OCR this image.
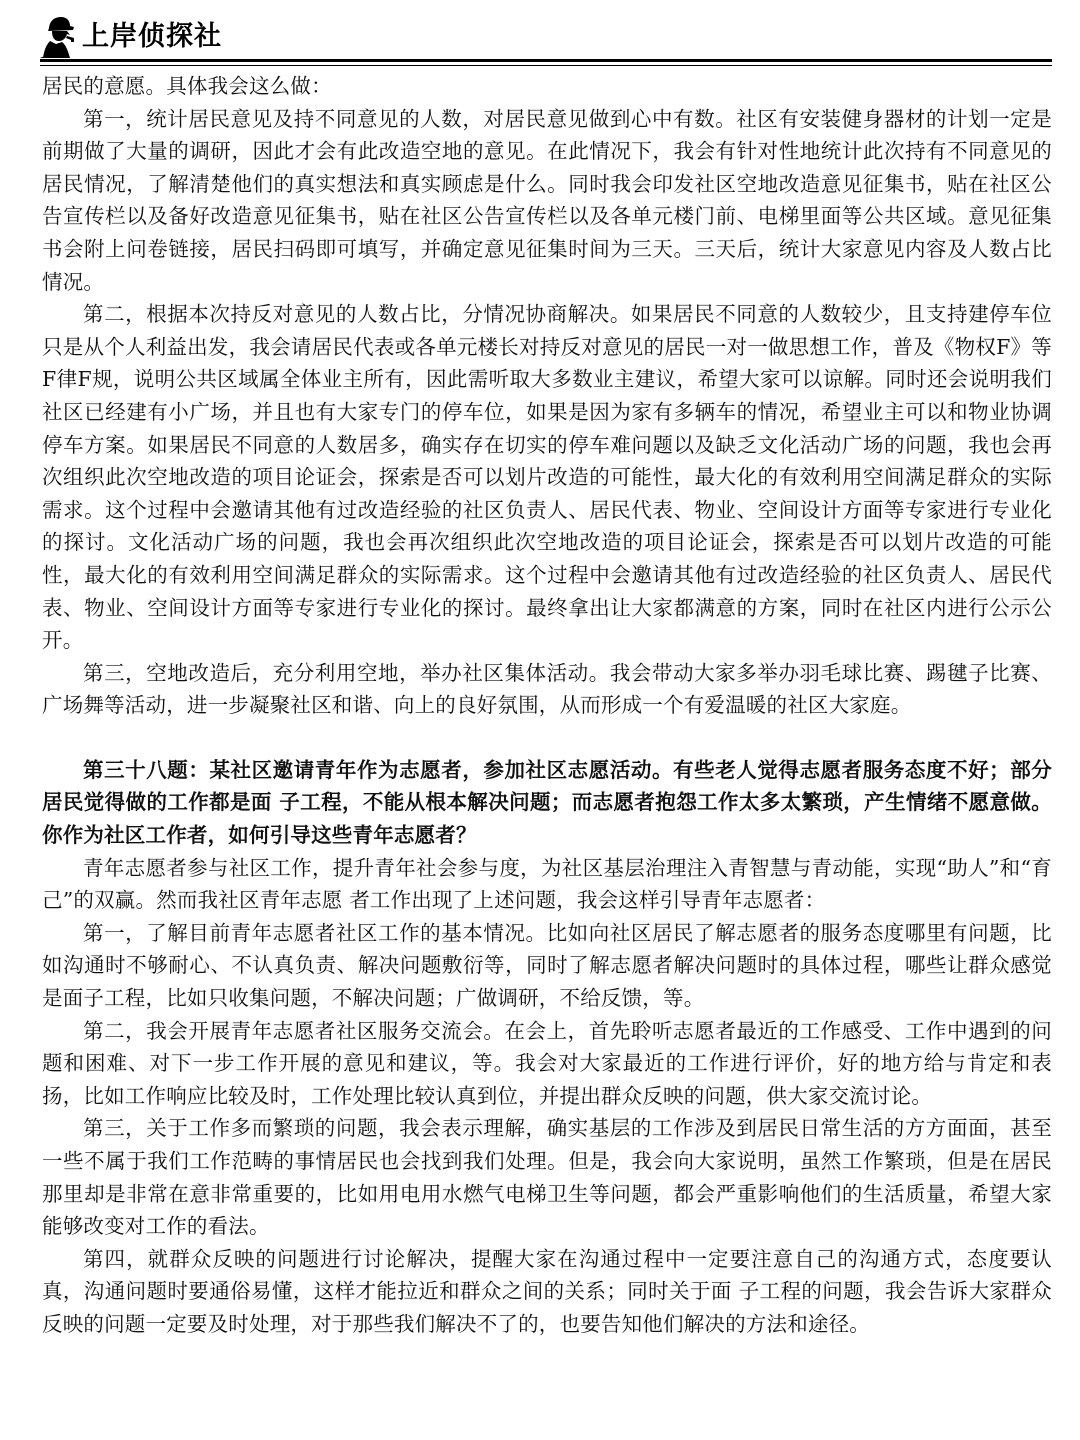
上岸侦探社

居民的意愿。具体我会这么做：

第一，统计居民意见及持不同意见的人数，对居民意见做到心中有数。社区有安装健身器材的计划一定是前期做了大量的调研，因此才会有此改造空地的意见。在此情况下，我会有针对性地统计此次持有不同意见的居民情况，了解清楚他们的真实想法和真实顾虑是什么。同时我会印发社区空地改造意见征集书，贴在社区公告宣传栏以及备好改造意见征集书，贴在社区公告宣传栏以及各单元楼门前、电梯里面等公共区域。意见征集书会附上问卷链接，居民扫码即可填写，并确定意见征集时间为三天。三天后，统计大家意见内容及人数占比情况。

第二，根据本次持反对意见的人数占比，分情况协商解决。如果居民不同意的人数较少，且支持建停车位只是从个人利益出发，我会请居民代表或各单元楼长对持反对意见的居民一对一做思想工作，普及《物权F》等F律F规，说明公共区域属全体业主所有，因此需听取大多数业主建议，希望大家可以谅解。同时还会说明我们社区已经建有小广场，并且也有大家专门的停车位，如果是因为家有多辆车的情况，希望业主可以和物业协调停车方案。如果居民不同意的人数居多，确实存在切实的停车难问题以及缺乏文化活动广场的问题，我也会再次组织此次空地改造的项目论证会，探索是否可以划片改造的可能性，最大化的有效利用空间满足群众的实际需求。这个过程中会邀请其他有过改造经验的社区负责人、居民代表、物业、空间设计方面等专家进行专业化的探讨。文化活动广场的问题，我也会再次组织此次空地改造的项目论证会，探索是否可以划片改造的可能性，最大化的有效利用空间满足群众的实际需求。这个过程中会邀请其他有过改造经验的社区负责人、居民代表、物业、空间设计方面等专家进行专业化的探讨。最终拿出让大家都满意的方案，同时在社区内进行公示公开。

第三，空地改造后，充分利用空地，举办社区集体活动。我会带动大家多举办羽毛球比赛、踢毽子比赛、广场舞等活动，进一步凝聚社区和谐、向上的良好氛围，从而形成一个有爱温暖的社区大家庭。

第三十八题：某社区邀请青年作为志愿者，参加社区志愿活动。有些老人觉得志愿者服务态度不好；部分居民觉得做的工作都是面 子工程，不能从根本解决问题；而志愿者抱怨工作太多太繁琐，产生情绪不愿意做。你作为社区工作者，如何引导这些青年志愿者？

青年志愿者参与社区工作，提升青年社会参与度，为社区基层治理注入青智慧与青动能，实现“助人”和“育己”的双赢。然而我社区青年志愿 者工作出现了上述问题，我会这样引导青年志愿者：

第一，了解目前青年志愿者社区工作的基本情况。比如向社区居民了解志愿者的服务态度哪里有问题，比如沟通时不够耐心、不认真负责、解决问题敷衍等，同时了解志愿者解决问题时的具体过程，哪些让群众感觉是面子工程，比如只收集问题，不解决问题；广做调研，不给反馈，等。

第二，我会开展青年志愿者社区服务交流会。在会上，首先聆听志愿者最近的工作感受、工作中遇到的问题和困难、对下一步工作开展的意见和建议，等。我会对大家最近的工作进行评价，好的地方给与肯定和表扬，比如工作响应比较及时，工作处理比较认真到位，并提出群众反映的问题，供大家交流讨论。

第三，关于工作多而繁琐的问题，我会表示理解，确实基层的工作涉及到居民日常生活的方方面面，甚至一些不属于我们工作范畴的事情居民也会找到我们处理。但是，我会向大家说明，虽然工作繁琐，但是在居民那里却是非常在意非常重要的，比如用电用水燃气电梯卫生等问题，都会严重影响他们的生活质量，希望大家能够改变对工作的看法。

第四，就群众反映的问题进行讨论解决，提醒大家在沟通过程中一定要注意自己的沟通方式，态度要认真，沟通问题时要通俗易懂，这样才能拉近和群众之间的关系；同时关于面 子工程的问题，我会告诉大家群众反映的问题一定要及时处理，对于那些我们解决不了的，也要告知他们解决的方法和途径。
